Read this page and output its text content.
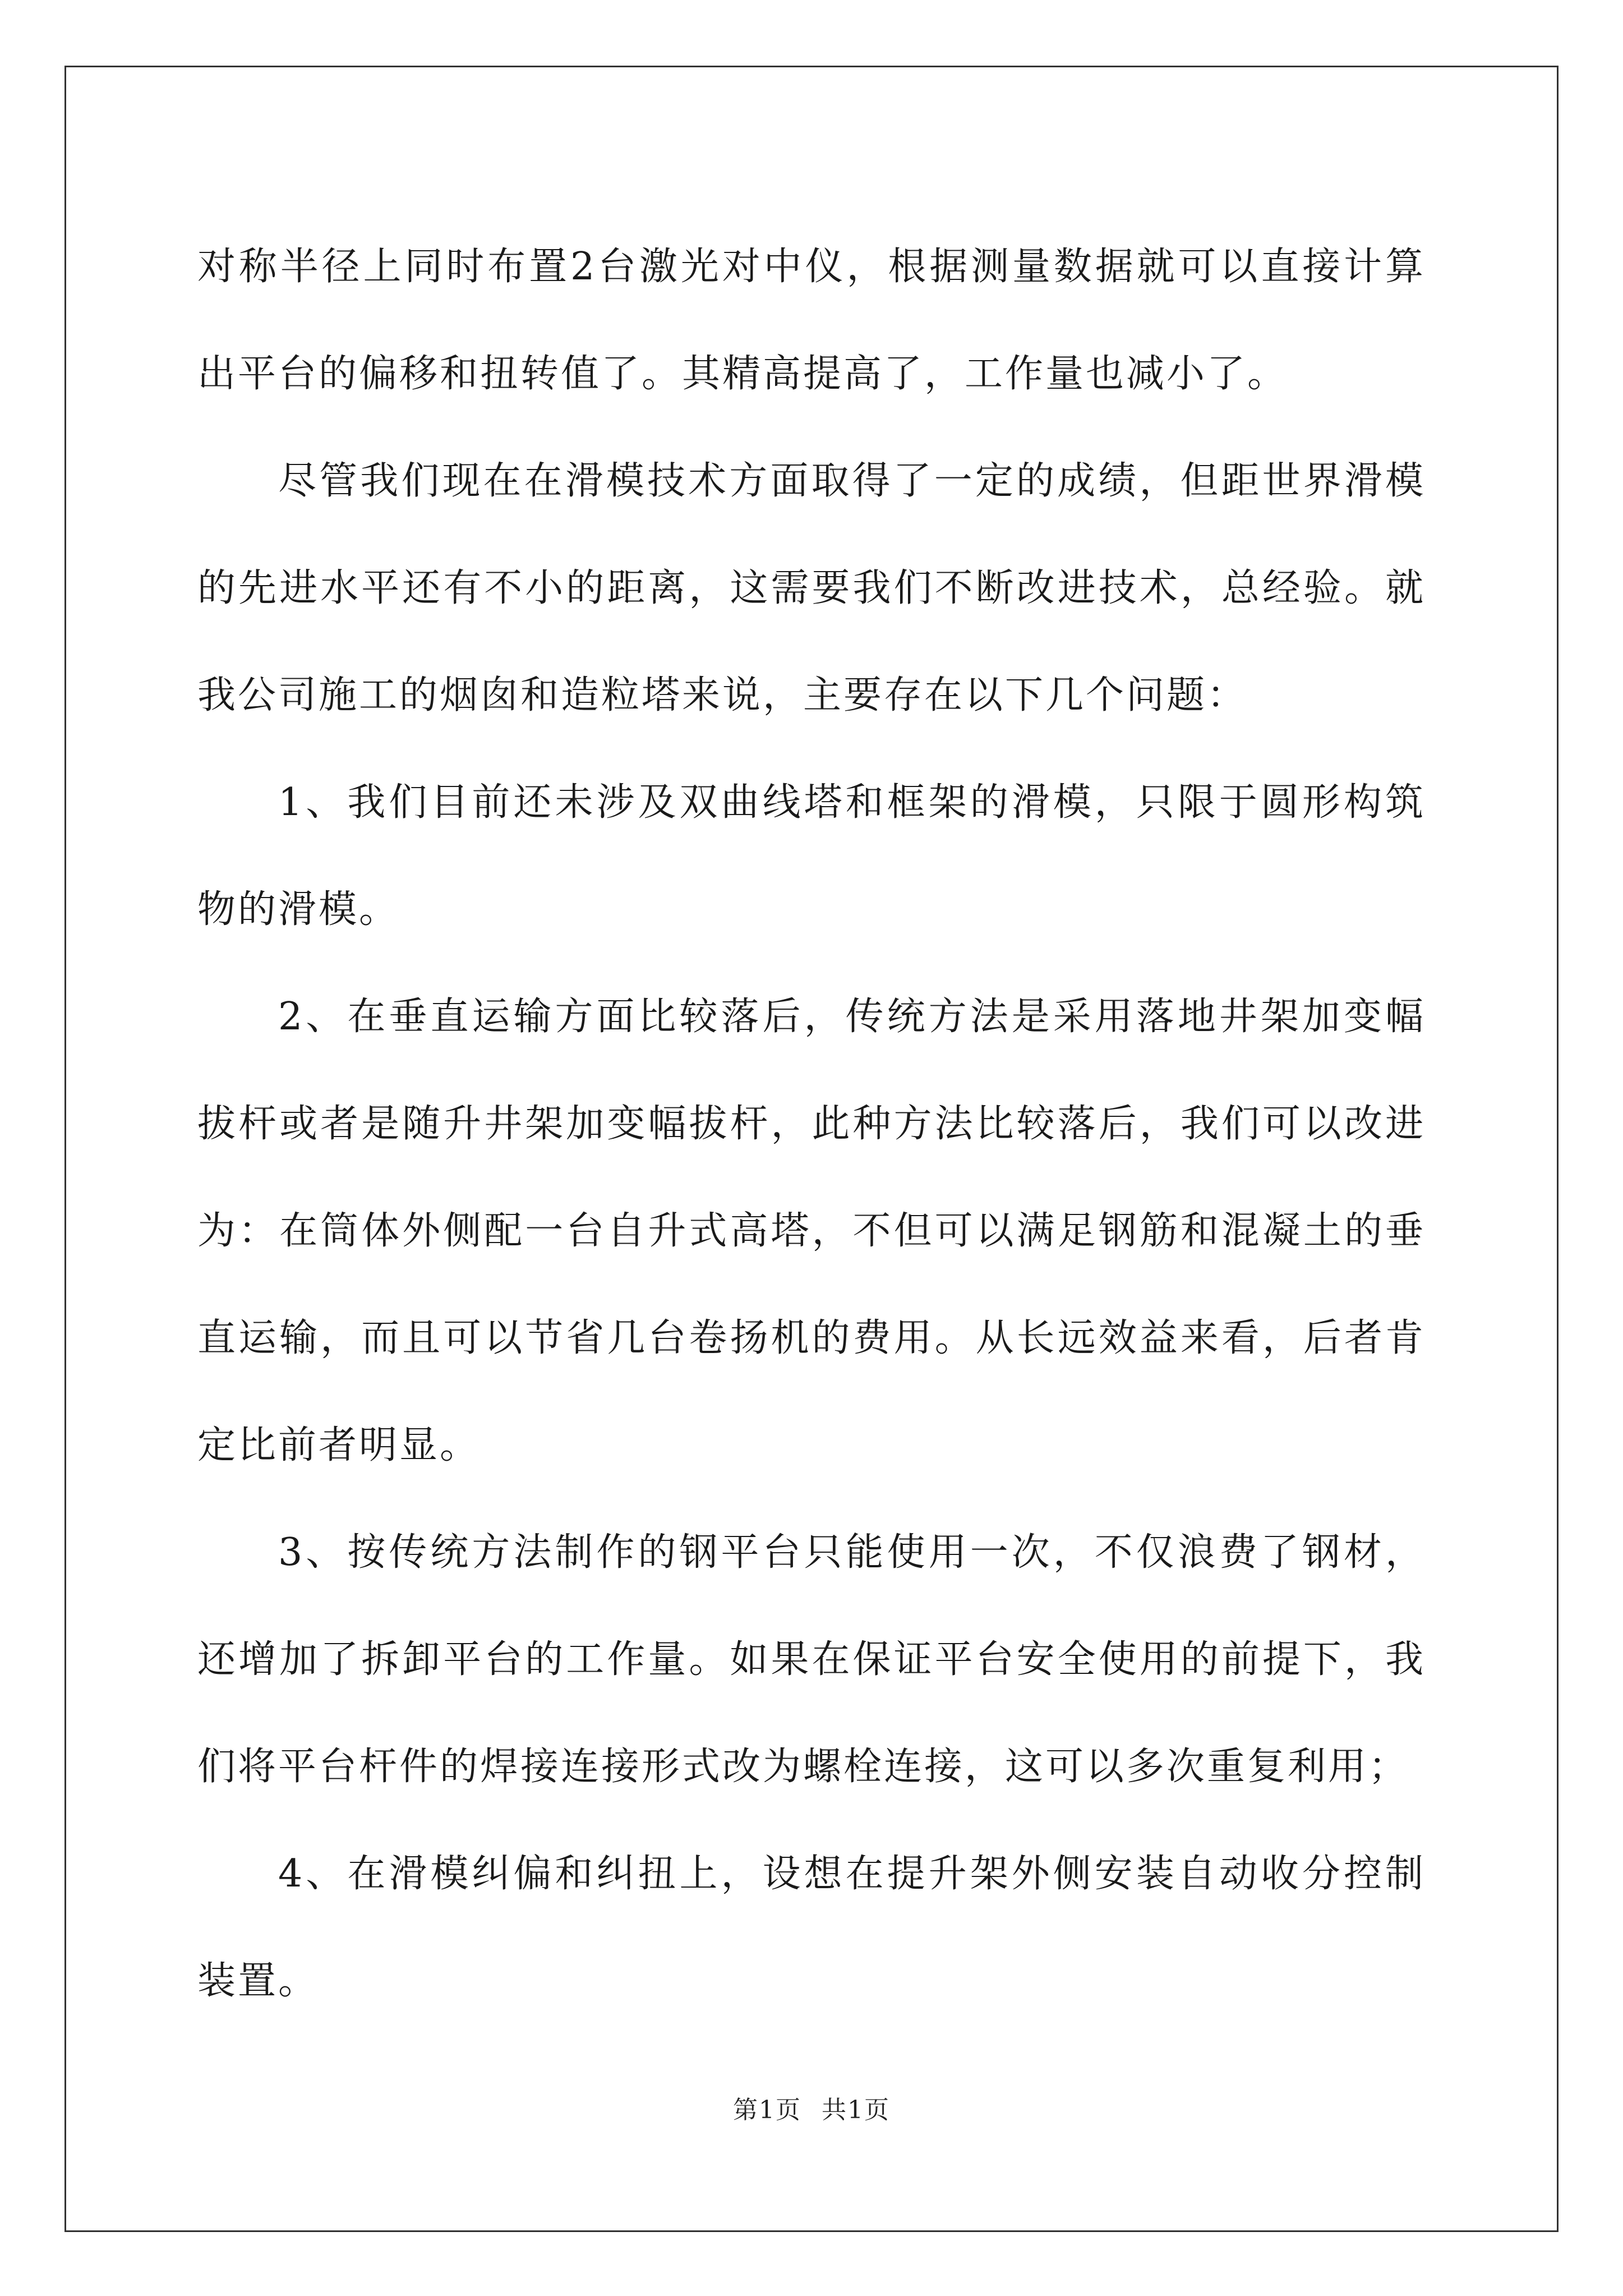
对称半径上同时布置2台激光对中仪，根据测量数据就可以直接计算出平台的偏移和扭转值了。其精高提高了，工作量也减小了。

尽管我们现在在滑模技术方面取得了一定的成绩，但距世界滑模的先进水平还有不小的距离，这需要我们不断改进技术，总经验。就我公司施工的烟囱和造粒塔来说，主要存在以下几个问题：

1、我们目前还未涉及双曲线塔和框架的滑模，只限于圆形构筑物的滑模。

2、在垂直运输方面比较落后，传统方法是采用落地井架加变幅拔杆或者是随升井架加变幅拔杆，此种方法比较落后，我们可以改进为：在筒体外侧配一台自升式高塔，不但可以满足钢筋和混凝土的垂直运输，而且可以节省几台卷扬机的费用。从长远效益来看，后者肯定比前者明显。

3、按传统方法制作的钢平台只能使用一次，不仅浪费了钢材，还增加了拆卸平台的工作量。如果在保证平台安全使用的前提下，我们将平台杆件的焊接连接形式改为螺栓连接，这可以多次重复利用；

4、在滑模纠偏和纠扭上，设想在提升架外侧安装自动收分控制装置。

第1页 共1页
